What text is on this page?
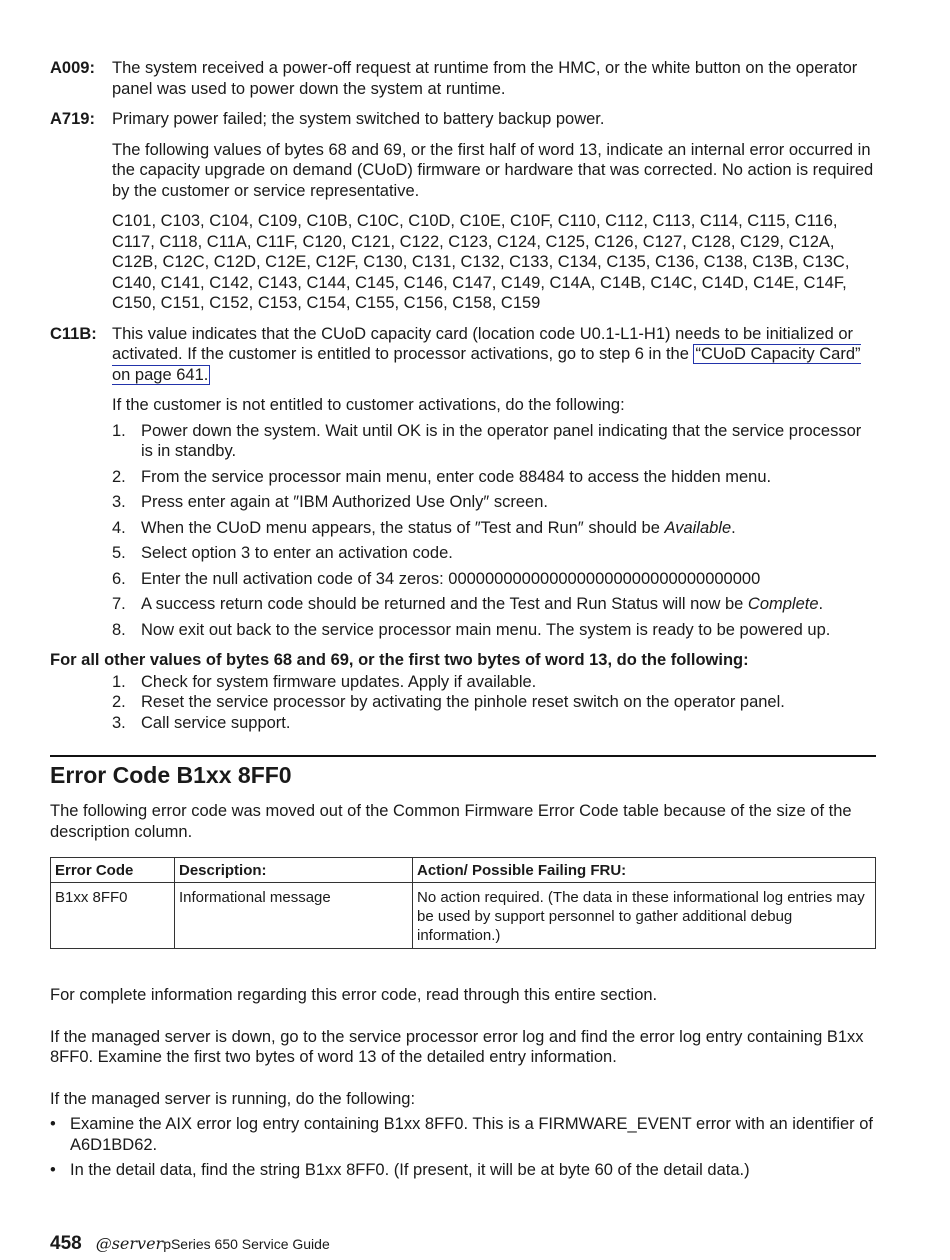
A009: The system received a power-off request at runtime from the HMC, or the white button on the operator panel was used to power down the system at runtime.
A719: Primary power failed; the system switched to battery backup power.
The following values of bytes 68 and 69, or the first half of word 13, indicate an internal error occurred in the capacity upgrade on demand (CUoD) firmware or hardware that was corrected. No action is required by the customer or service representative.
C101, C103, C104, C109, C10B, C10C, C10D, C10E, C10F, C110, C112, C113, C114, C115, C116, C117, C118, C11A, C11F, C120, C121, C122, C123, C124, C125, C126, C127, C128, C129, C12A, C12B, C12C, C12D, C12E, C12F, C130, C131, C132, C133, C134, C135, C136, C138, C13B, C13C, C140, C141, C142, C143, C144, C145, C146, C147, C149, C14A, C14B, C14C, C14D, C14E, C14F, C150, C151, C152, C153, C154, C155, C156, C158, C159
C11B: This value indicates that the CUoD capacity card (location code U0.1-L1-H1) needs to be initialized or activated. If the customer is entitled to processor activations, go to step 6 in the “CUoD Capacity Card” on page 641.
If the customer is not entitled to customer activations, do the following:
1. Power down the system. Wait until OK is in the operator panel indicating that the service processor is in standby.
2. From the service processor main menu, enter code 88484 to access the hidden menu.
3. Press enter again at ″IBM Authorized Use Only″ screen.
4. When the CUoD menu appears, the status of ″Test and Run″ should be Available.
5. Select option 3 to enter an activation code.
6. Enter the null activation code of 34 zeros: 0000000000000000000000000000000000
7. A success return code should be returned and the Test and Run Status will now be Complete.
8. Now exit out back to the service processor main menu. The system is ready to be powered up.
For all other values of bytes 68 and 69, or the first two bytes of word 13, do the following:
1. Check for system firmware updates. Apply if available.
2. Reset the service processor by activating the pinhole reset switch on the operator panel.
3. Call service support.
Error Code B1xx 8FF0
The following error code was moved out of the Common Firmware Error Code table because of the size of the description column.
Error Code	Description:	Action/ Possible Failing FRU:
B1xx 8FF0	Informational message	No action required. (The data in these informational log entries may be used by support personnel to gather additional debug information.)
For complete information regarding this error code, read through this entire section.
If the managed server is down, go to the service processor error log and find the error log entry containing B1xx 8FF0. Examine the first two bytes of word 13 of the detailed entry information.
If the managed server is running, do the following:
• Examine the AIX error log entry containing B1xx 8FF0. This is a FIRMWARE_EVENT error with an identifier of A6D1BD62.
• In the detail data, find the string B1xx 8FF0. (If present, it will be at byte 60 of the detail data.)
458 @server pSeries 650 Service Guide
